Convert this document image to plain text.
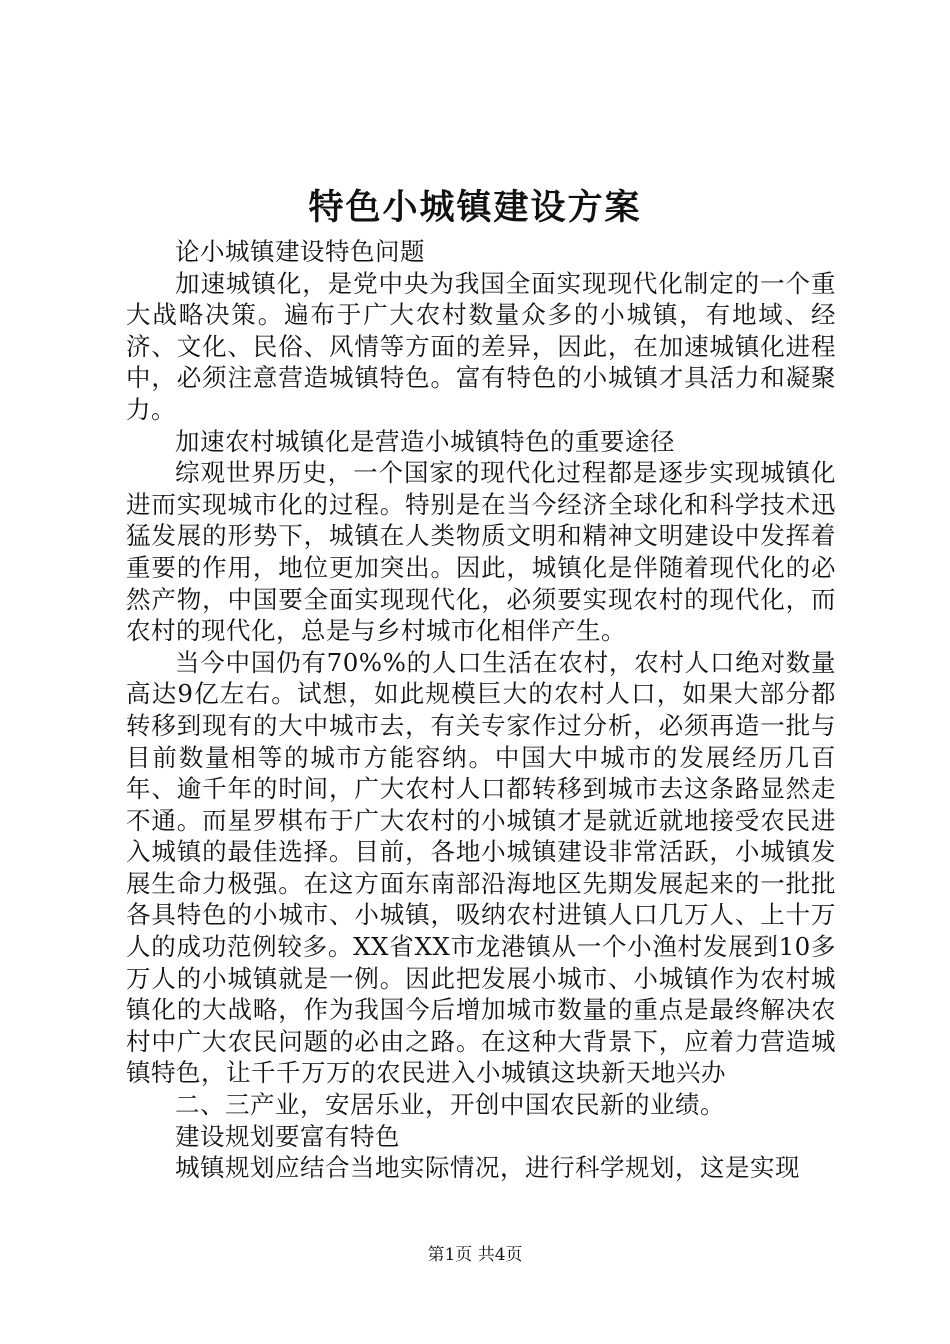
特色小城镇建设方案

论小城镇建设特色问题

加速城镇化，是党中央为我国全面实现现代化制定的一个重大战略决策。遍布于广大农村数量众多的小城镇，有地域、经济、文化、民俗、风情等方面的差异，因此，在加速城镇化进程中，必须注意营造城镇特色。富有特色的小城镇才具活力和凝聚力。

加速农村城镇化是营造小城镇特色的重要途径

综观世界历史，一个国家的现代化过程都是逐步实现城镇化进而实现城市化的过程。特别是在当今经济全球化和科学技术迅猛发展的形势下，城镇在人类物质文明和精神文明建设中发挥着重要的作用，地位更加突出。因此，城镇化是伴随着现代化的必然产物，中国要全面实现现代化，必须要实现农村的现代化，而农村的现代化，总是与乡村城市化相伴产生。

当今中国仍有70%%的人口生活在农村，农村人口绝对数量高达9亿左右。试想，如此规模巨大的农村人口，如果大部分都转移到现有的大中城市去，有关专家作过分析，必须再造一批与目前数量相等的城市方能容纳。中国大中城市的发展经历几百年、逾千年的时间，广大农村人口都转移到城市去这条路显然走不通。而星罗棋布于广大农村的小城镇才是就近就地接受农民进入城镇的最佳选择。目前，各地小城镇建设非常活跃，小城镇发展生命力极强。在这方面东南部沿海地区先期发展起来的一批批各具特色的小城市、小城镇，吸纳农村进镇人口几万人、上十万人的成功范例较多。XX省XX市龙港镇从一个小渔村发展到10多万人的小城镇就是一例。因此把发展小城市、小城镇作为农村城镇化的大战略，作为我国今后增加城市数量的重点是最终解决农村中广大农民问题的必由之路。在这种大背景下，应着力营造城镇特色，让千千万万的农民进入小城镇这块新天地兴办

二、三产业，安居乐业，开创中国农民新的业绩。

建设规划要富有特色

城镇规划应结合当地实际情况，进行科学规划，这是实现

第1页 共4页
